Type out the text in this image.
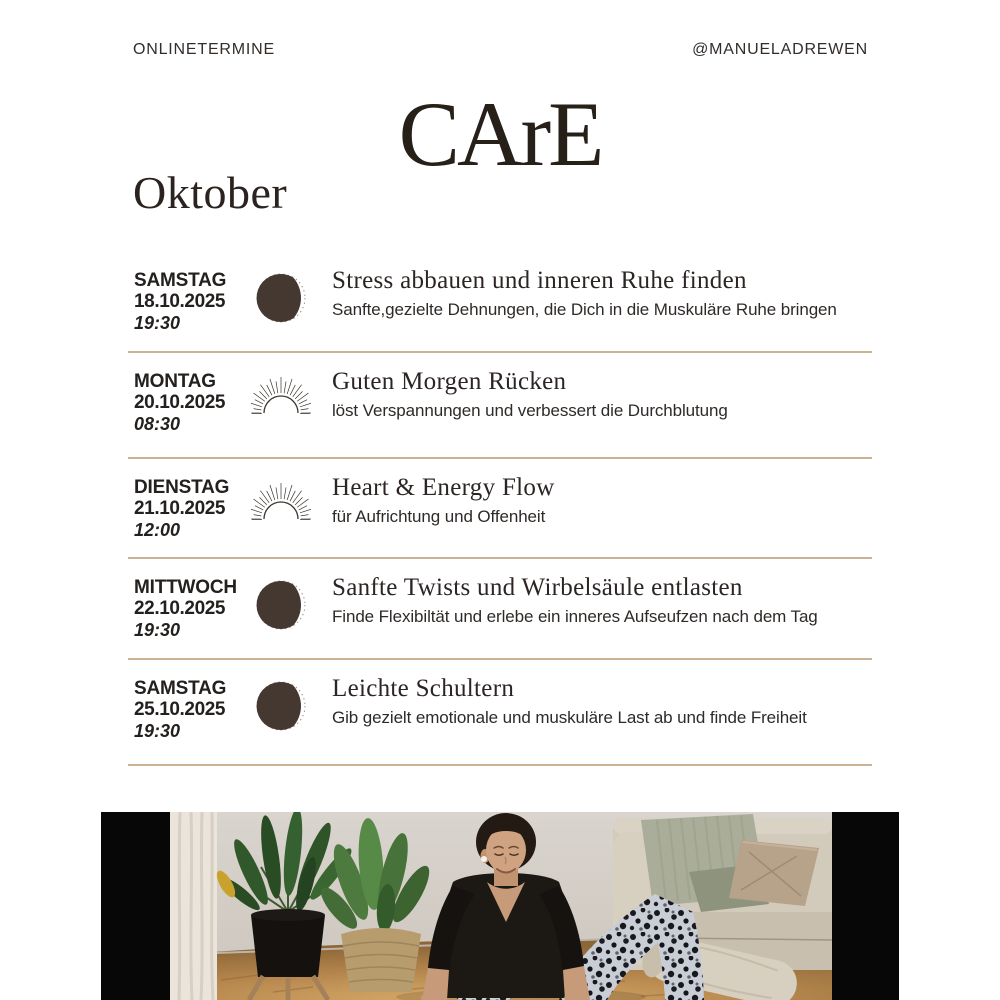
ONLINETERMINE	@MANUELADREWEN
CArE
Oktober
SAMSTAG
18.10.2025
19:30
Stress abbauen und inneren Ruhe finden

Sanfte,gezielte Dehnungen, die Dich in die Muskuläre Ruhe bringen

MONTAG
20.10.2025
08:30
Guten Morgen Rücken

löst Verspannungen und verbessert die Durchblutung

DIENSTAG
21.10.2025
12:00
Heart & Energy Flow

für Aufrichtung und Offenheit

MITTWOCH
22.10.2025
19:30
Sanfte Twists und Wirbelsäule entlasten

Finde Flexibiltät und erlebe ein inneres Aufseufzen nach dem Tag

SAMSTAG
25.10.2025
19:30
Leichte Schultern

Gib gezielt emotionale und muskuläre Last ab und finde Freiheit
